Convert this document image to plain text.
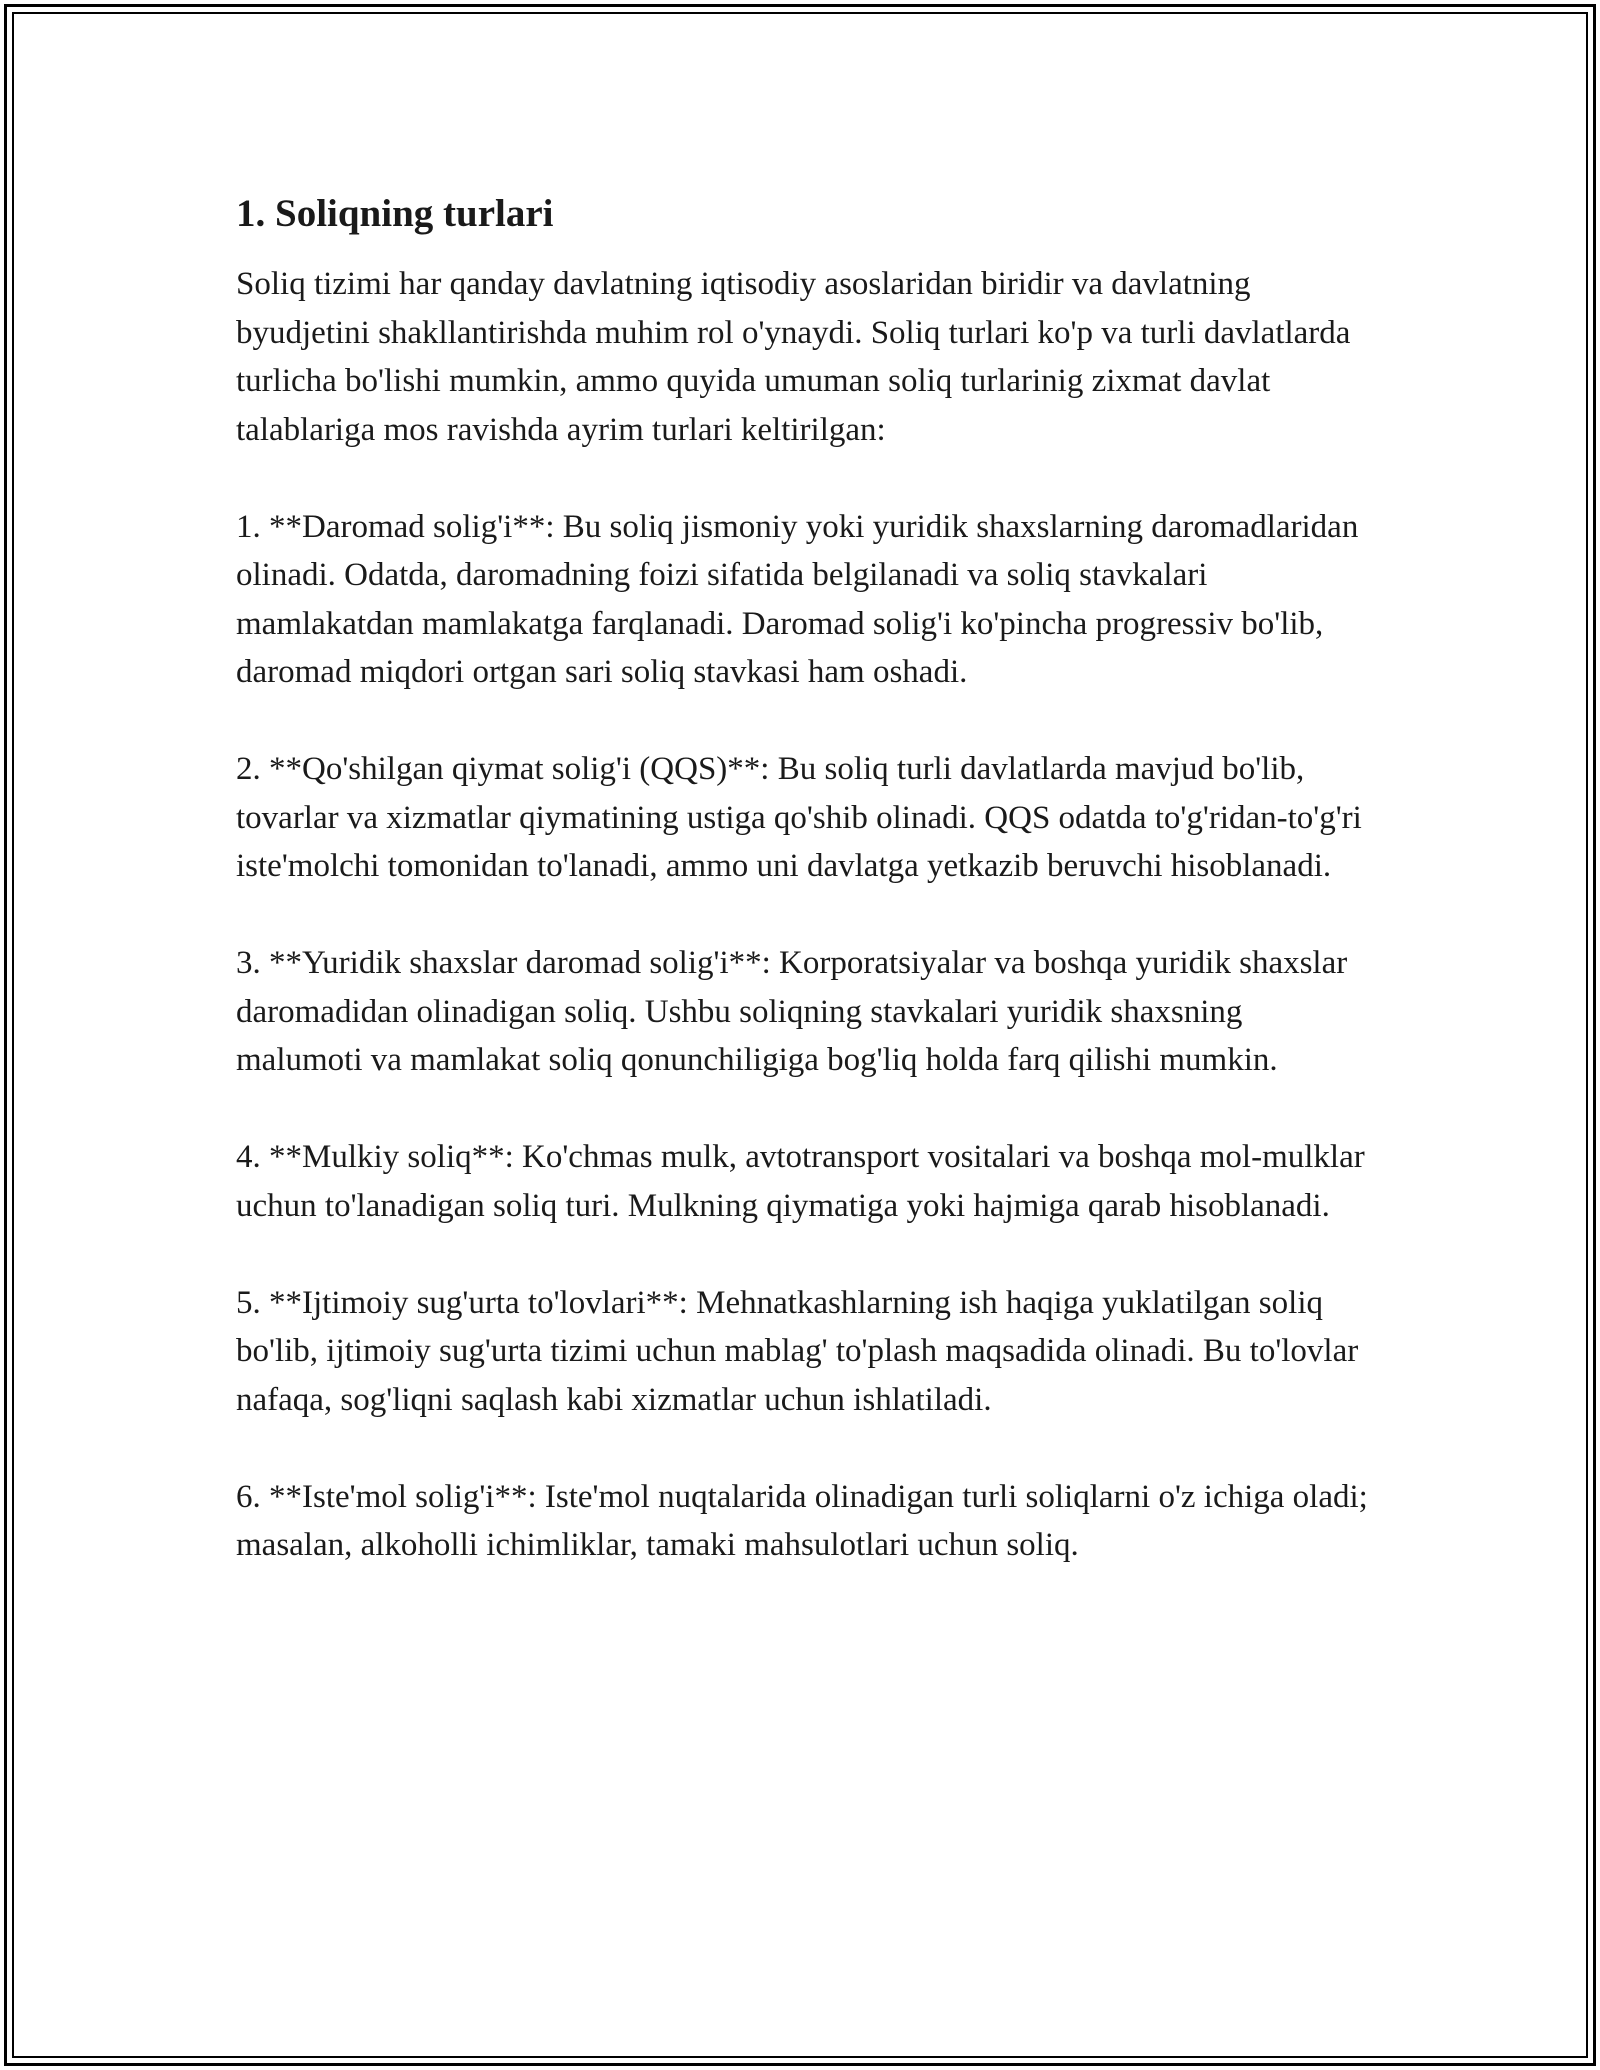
1. Soliqning turlari

Soliq tizimi har qanday davlatning iqtisodiy asoslaridan biridir va davlatning byudjetini shakllantirishda muhim rol o'ynaydi. Soliq turlari ko'p va turli davlatlarda turlicha bo'lishi mumkin, ammo quyida umuman soliq turlarinig zixmat davlat talablariga mos ravishda ayrim turlari keltirilgan:

1. **Daromad solig'i**: Bu soliq jismoniy yoki yuridik shaxslarning daromadlaridan olinadi. Odatda, daromadning foizi sifatida belgilanadi va soliq stavkalari mamlakatdan mamlakatga farqlanadi. Daromad solig'i ko'pincha progressiv bo'lib, daromad miqdori ortgan sari soliq stavkasi ham oshadi.

2. **Qo'shilgan qiymat solig'i (QQS)**: Bu soliq turli davlatlarda mavjud bo'lib, tovarlar va xizmatlar qiymatining ustiga qo'shib olinadi. QQS odatda to'g'ridan-to'g'ri iste'molchi tomonidan to'lanadi, ammo uni davlatga yetkazib beruvchi hisoblanadi.

3. **Yuridik shaxslar daromad solig'i**: Korporatsiyalar va boshqa yuridik shaxslar daromadidan olinadigan soliq. Ushbu soliqning stavkalari yuridik shaxsning malumoti va mamlakat soliq qonunchiligiga bog'liq holda farq qilishi mumkin.

4. **Mulkiy soliq**: Ko'chmas mulk, avtotransport vositalari va boshqa mol-mulklar uchun to'lanadigan soliq turi. Mulkning qiymatiga yoki hajmiga qarab hisoblanadi.

5. **Ijtimoiy sug'urta to'lovlari**: Mehnatkashlarning ish haqiga yuklatilgan soliq bo'lib, ijtimoiy sug'urta tizimi uchun mablag' to'plash maqsadida olinadi. Bu to'lovlar nafaqa, sog'liqni saqlash kabi xizmatlar uchun ishlatiladi.

6. **Iste'mol solig'i**: Iste'mol nuqtalarida olinadigan turli soliqlarni o'z ichiga oladi; masalan, alkoholli ichimliklar, tamaki mahsulotlari uchun soliq.
